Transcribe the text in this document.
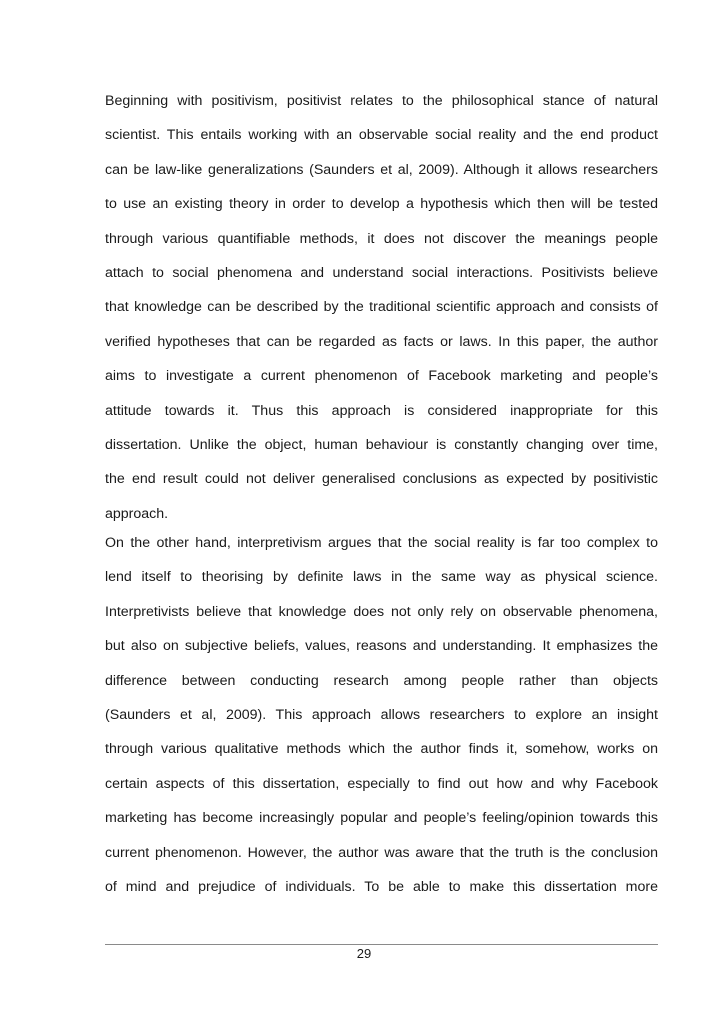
Beginning with positivism, positivist relates to the philosophical stance of natural
scientist. This entails working with an observable social reality and the end product
can be law-like generalizations (Saunders et al, 2009). Although it allows researchers
to use an existing theory in order to develop a hypothesis which then will be tested
through various quantifiable methods, it does not discover the meanings people
attach to social phenomena and understand social interactions. Positivists believe
that knowledge can be described by the traditional scientific approach and consists of
verified hypotheses that can be regarded as facts or laws. In this paper, the author
aims to investigate a current phenomenon of Facebook marketing and people’s
attitude towards it. Thus this approach is considered inappropriate for this
dissertation. Unlike the object, human behaviour is constantly changing over time,
the end result could not deliver generalised conclusions as expected by positivistic
approach.
On the other hand, interpretivism argues that the social reality is far too complex to
lend itself to theorising by definite laws in the same way as physical science.
Interpretivists believe that knowledge does not only rely on observable phenomena,
but also on subjective beliefs, values, reasons and understanding. It emphasizes the
difference between conducting research among people rather than objects
(Saunders et al, 2009). This approach allows researchers to explore an insight
through various qualitative methods which the author finds it, somehow, works on
certain aspects of this dissertation, especially to find out how and why Facebook
marketing has become increasingly popular and people’s feeling/opinion towards this
current phenomenon. However, the author was aware that the truth is the conclusion
of mind and prejudice of individuals. To be able to make this dissertation more
29
